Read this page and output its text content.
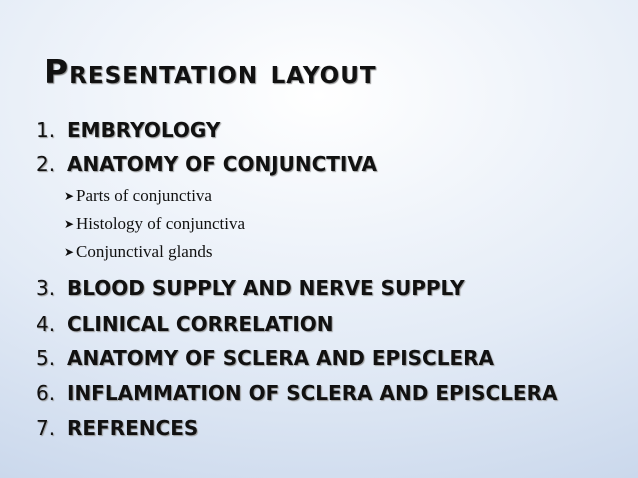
Presentation layout
1. EMBRYOLOGY
2. ANATOMY OF CONJUNCTIVA
➤ Parts of conjunctiva
➤ Histology of conjunctiva
➤ Conjunctival glands
3. BLOOD SUPPLY AND NERVE SUPPLY
4. CLINICAL CORRELATION
5. ANATOMY OF SCLERA AND EPISCLERA
6. INFLAMMATION OF SCLERA AND EPISCLERA
7. REFRENCES
